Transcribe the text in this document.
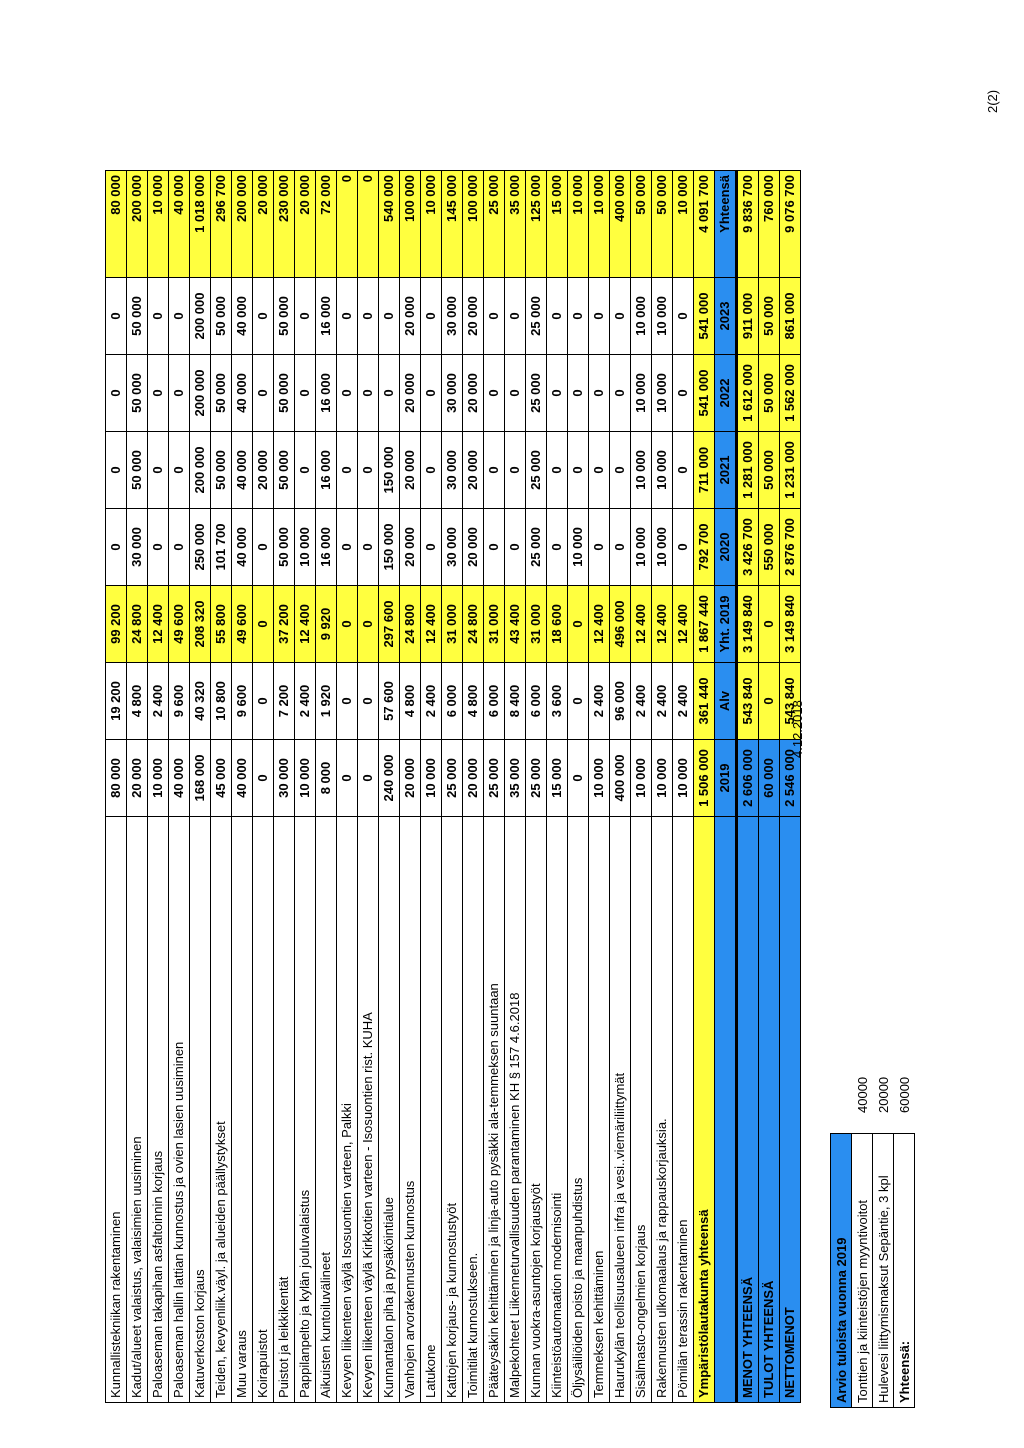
Kunnallistekniikan rakentaminen	80 000	19 200	99 200	0	0	0	0	80 000
Kadut/alueet valaistus, valaisimien uusiminen	20 000	4 800	24 800	30 000	50 000	50 000	50 000	200 000
Paloaseman takapihan asfaltoinnin korjaus	10 000	2 400	12 400	0	0	0	0	10 000
Paloaseman hallin lattian kunnostus ja ovien lasien uusiminen	40 000	9 600	49 600	0	0	0	0	40 000
Katuverkoston korjaus	168 000	40 320	208 320	250 000	200 000	200 000	200 000	1 018 000
Teiden, kevyenliik.väyl. ja alueiden päällystykset	45 000	10 800	55 800	101 700	50 000	50 000	50 000	296 700
Muu varaus	40 000	9 600	49 600	40 000	40 000	40 000	40 000	200 000
Koirapuistot	0	0	0	0	20 000	0	0	20 000
Puistot ja leikkikentät	30 000	7 200	37 200	50 000	50 000	50 000	50 000	230 000
Pappilanpelto ja kylän jouluvalaistus	10 000	2 400	12 400	10 000	0	0	0	20 000
Aikuisten kuntoiluvälineet	8 000	1 920	9 920	16 000	16 000	16 000	16 000	72 000
Kevyen liikenteen väylä Isosuontien varteen, Palkki	0	0	0	0	0	0	0	0
Kevyen liikenteen väylä Kirkkotien varteen - Isosuontien rist. KUHA	0	0	0	0	0	0	0	0
Kunnantalon piha ja pysäköintialue	240 000	57 600	297 600	150 000	150 000	0	0	540 000
Vanhojen arvorakennusten kunnostus	20 000	4 800	24 800	20 000	20 000	20 000	20 000	100 000
Latukone	10 000	2 400	12 400	0	0	0	0	10 000
Kattojen korjaus- ja kunnostustyöt	25 000	6 000	31 000	30 000	30 000	30 000	30 000	145 000
Toimitilat kunnostukseen.	20 000	4 800	24 800	20 000	20 000	20 000	20 000	100 000
Pääteysäkin kehittäminen ja linja-auto pysäkki ala-temmeksen suuntaan	25 000	6 000	31 000	0	0	0	0	25 000
Malpekohteet Liikenneturvallisuuden parantaminen KH § 157 4.6.2018	35 000	8 400	43 400	0	0	0	0	35 000
Kunnan vuokra-asuntojen korjaustyöt	25 000	6 000	31 000	25 000	25 000	25 000	25 000	125 000
Kiinteistöautomaation modernisointi	15 000	3 600	18 600	0	0	0	0	15 000
Öljysäiliöiden poisto ja maanpuhdistus	0	0	0	10 000	0	0	0	10 000
Temmeksen kehittäminen	10 000	2 400	12 400	0	0	0	0	10 000
Haurukylän teollisuusalueen infra ja vesi..viemäriliittymät	400 000	96 000	496 000	0	0	0	0	400 000
Sisälmasto-ongelmien korjaus	10 000	2 400	12 400	10 000	10 000	10 000	10 000	50 000
Rakennusten ulkomaalaus ja rappauskorjauksia.	10 000	2 400	12 400	10 000	10 000	10 000	10 000	50 000
Pömilän terassin rakentaminen	10 000	2 400	12 400	0	0	0	0	10 000
Ympäristölautakunta yhteensä	1 506 000	361 440	1 867 440	792 700	711 000	541 000	541 000	4 091 700
	2019	Alv	Yht. 2019	2020	2021	2022	2023	Yhteensä
MENOT YHTEENSÄ	2 606 000	543 840	3 149 840	3 426 700	1 281 000	1 612 000	911 000	9 836 700
TULOT YHTEENSÄ	60 000	0	0	550 000	50 000	50 000	50 000	760 000
NETTOMENOT	2 546 000	543 840	3 149 840	2 876 700	1 231 000	1 562 000	861 000	9 076 700
Arvio tuloista vuonna 2019	
Tonttien ja kiinteistöjen myyntivoitot	40000
Hulevesi liittymismaksut Sepäntie, 3 kpl	20000
Yhteensä:	60000
4.12.2018
2(2)
